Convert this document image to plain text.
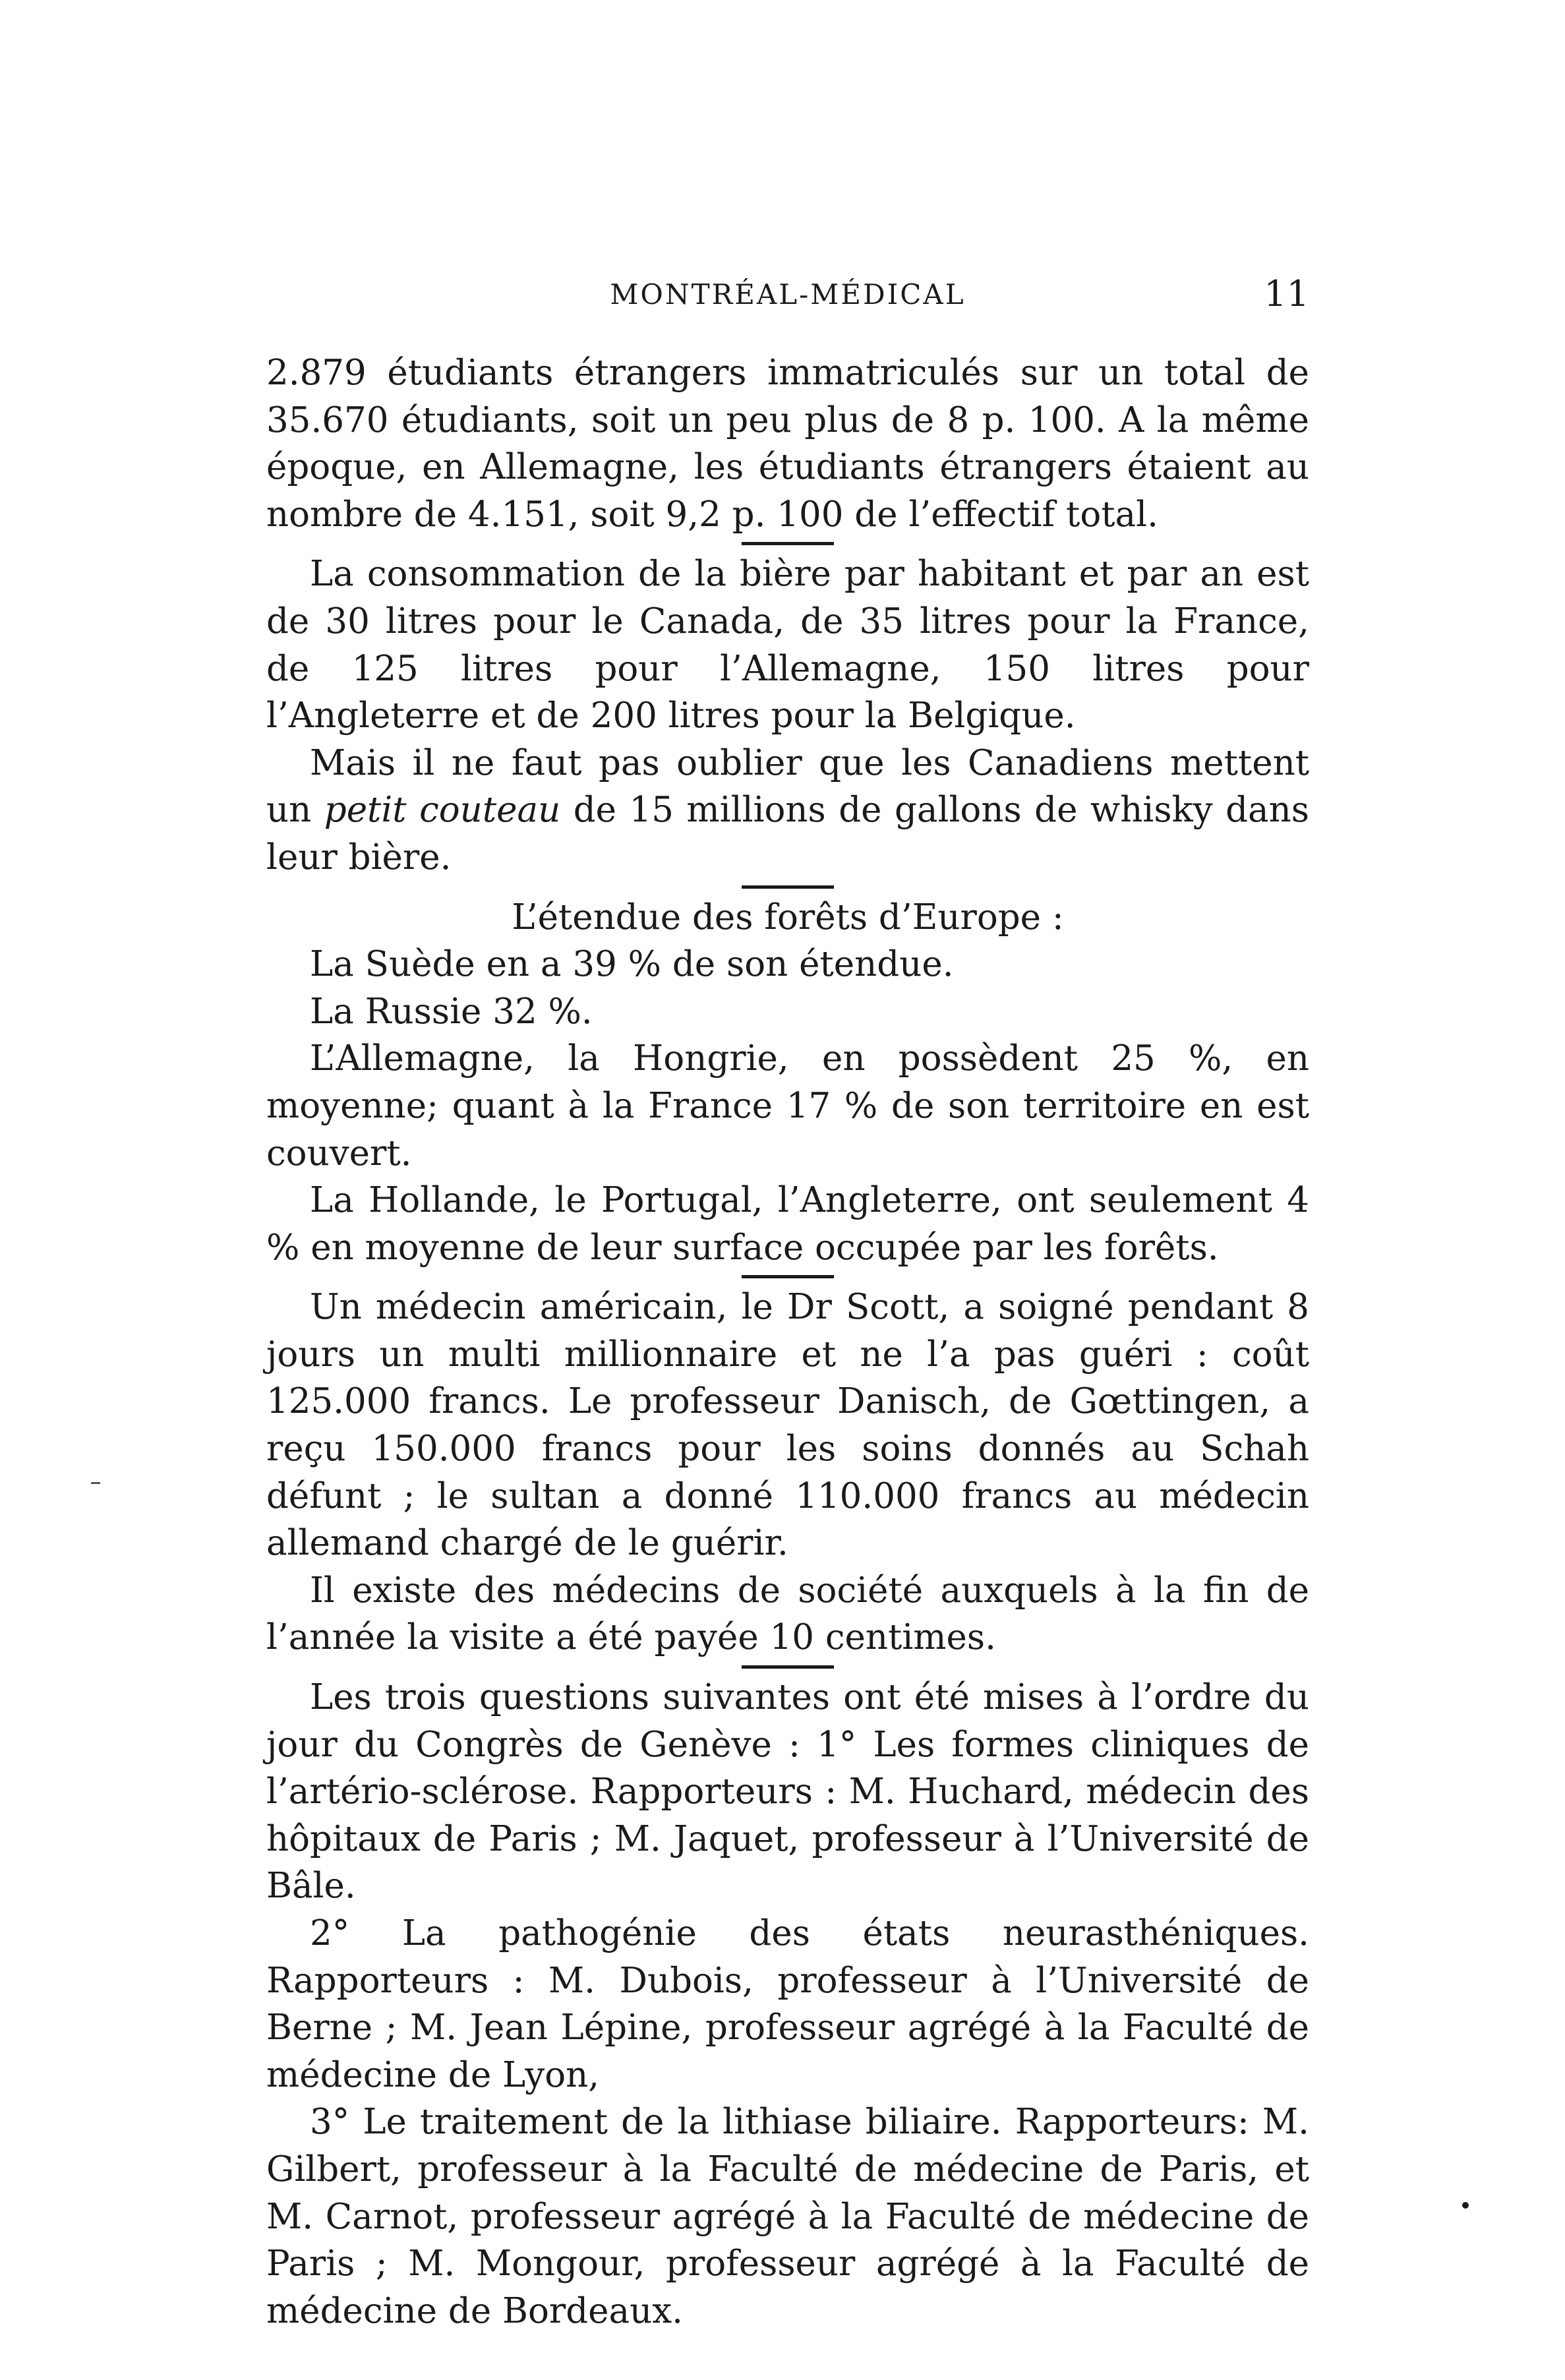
MONTRÉAL-MÉDICAL	11

2.879 étudiants étrangers immatriculés sur un total de 35.670 étudiants, soit un peu plus de 8 p. 100. A la même époque, en Allemagne, les étudiants étrangers étaient au nombre de 4.151, soit 9,2 p. 100 de l’effectif total.

La consommation de la bière par habitant et par an est de 30 litres pour le Canada, de 35 litres pour la France, de 125 litres pour l’Allemagne, 150 litres pour l’Angleterre et de 200 litres pour la Belgique.

Mais il ne faut pas oublier que les Canadiens mettent un petit couteau de 15 millions de gallons de whisky dans leur bière.

L’étendue des forêts d’Europe :

La Suède en a 39 % de son étendue.

La Russie 32 %.

L’Allemagne, la Hongrie, en possèdent 25 %, en moyenne; quant à la France 17 % de son territoire en est couvert.

La Hollande, le Portugal, l’Angleterre, ont seulement 4 % en moyenne de leur surface occupée par les forêts.

Un médecin américain, le Dr Scott, a soigné pendant 8 jours un multi millionnaire et ne l’a pas guéri : coût 125.000 francs. Le professeur Danisch, de Gœttingen, a reçu 150.000 francs pour les soins donnés au Schah défunt ; le sultan a donné 110.000 francs au médecin allemand chargé de le guérir.

Il existe des médecins de société auxquels à la fin de l’année la visite a été payée 10 centimes.

Les trois questions suivantes ont été mises à l’ordre du jour du Congrès de Genève : 1° Les formes cliniques de l’artério-sclérose. Rapporteurs : M. Huchard, médecin des hôpitaux de Paris ; M. Jaquet, professeur à l’Université de Bâle.

2° La pathogénie des états neurasthéniques. Rapporteurs : M. Dubois, professeur à l’Université de Berne ; M. Jean Lépine, professeur agrégé à la Faculté de médecine de Lyon,

3° Le traitement de la lithiase biliaire. Rapporteurs: M. Gilbert, professeur à la Faculté de médecine de Paris, et M. Carnot, professeur agrégé à la Faculté de médecine de Paris ; M. Mongour, professeur agrégé à la Faculté de médecine de Bordeaux.
